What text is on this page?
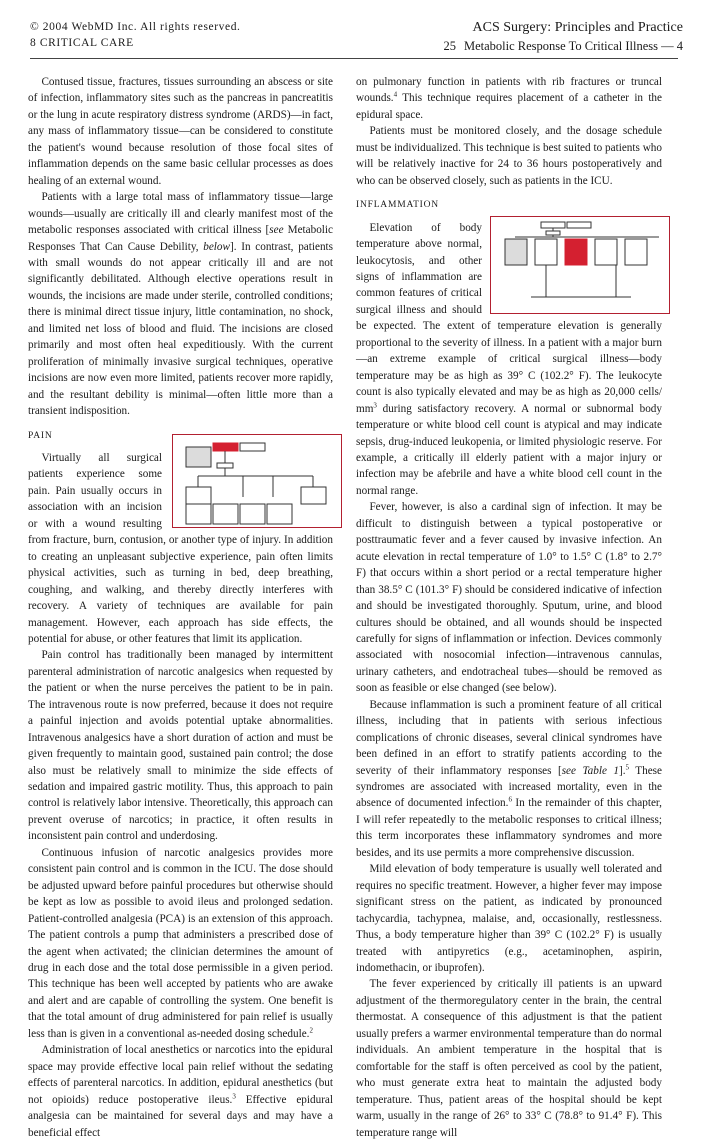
© 2004 WebMD Inc. All rights reserved.
8 CRITICAL CARE
ACS Surgery: Principles and Practice
25 Metabolic Response To Critical Illness — 4

Contused tissue, fractures, tissues surrounding an abscess or site of infection, inflammatory sites such as the pancreas in pancreatitis or the lung in acute respiratory distress syndrome (ARDS)—in fact, any mass of inflammatory tissue—can be considered to constitute the patient's wound because resolution of those focal sites of inflammation depends on the same basic cellular processes as does healing of an external wound.

Patients with a large total mass of inflammatory tissue—large wounds—usually are critically ill and clearly manifest most of the metabolic responses associated with critical illness [see Metabolic Responses That Can Cause Debility, below]. In contrast, patients with small wounds do not appear critically ill and are not significantly debilitated. Although elective operations result in wounds, the incisions are made under sterile, controlled conditions; there is minimal direct tissue injury, little contamination, no shock, and limited net loss of blood and fluid. The incisions are closed primarily and most often heal expeditiously. With the current proliferation of minimally invasive surgical techniques, operative incisions are now even more limited, patients recover more rapidly, and the resultant debility is minimal—often little more than a transient indisposition.

PAIN

Virtually all surgical patients experience some pain. Pain usually occurs in association with an incision or with a wound resulting from fracture, burn, contusion, or another type of injury. In addition to creating an unpleasant subjective experience, pain often limits physical activities, such as turning in bed, deep breathing, coughing, and walking, and thereby directly interferes with recovery. A variety of techniques are available for pain management. However, each approach has side effects, the potential for abuse, or other features that limit its application.

Pain control has traditionally been managed by intermittent parenteral administration of narcotic analgesics when requested by the patient or when the nurse perceives the patient to be in pain. The intravenous route is now preferred, because it does not require a painful injection and avoids potential uptake abnormalities. Intravenous analgesics have a short duration of action and must be given frequently to maintain good, sustained pain control; the dose also must be relatively small to minimize the side effects of sedation and impaired gastric motility. Thus, this approach to pain control is relatively labor intensive. Theoretically, this approach can prevent overuse of narcotics; in practice, it often results in inconsistent pain control and underdosing.

Continuous infusion of narcotic analgesics provides more consistent pain control and is common in the ICU. The dose should be adjusted upward before painful procedures but otherwise should be kept as low as possible to avoid ileus and prolonged sedation. Patient-controlled analgesia (PCA) is an extension of this approach. The patient controls a pump that administers a prescribed dose of the agent when activated; the clinician determines the amount of drug in each dose and the total dose permissible in a given period. This technique has been well accepted by patients who are awake and alert and are capable of controlling the system. One benefit is that the total amount of drug administered for pain relief is usually less than is given in a conventional as-needed dosing schedule.$^2$

Administration of local anesthetics or narcotics into the epidural space may provide effective local pain relief without the sedating effects of parenteral narcotics. In addition, epidural anesthetics (but not opioids) reduce postoperative ileus.$^3$ Effective epidural analgesia can be maintained for several days and may have a beneficial effect

on pulmonary function in patients with rib fractures or truncal wounds.$^4$ This technique requires placement of a catheter in the epidural space.

Patients must be monitored closely, and the dosage schedule must be individualized. This technique is best suited to patients who will be relatively inactive for 24 to 36 hours postoperatively and who can be observed closely, such as patients in the ICU.

INFLAMMATION

Elevation of body temperature above normal, leukocytosis, and other signs of inflammation are common features of critical surgical illness and should be expected. The extent of temperature elevation is generally proportional to the severity of illness. In a patient with a major burn—an extreme example of critical surgical illness—body temperature may be as high as 39° C (102.2° F). The leukocyte count is also typically elevated and may be as high as 20,000 cells/ $mm^3$ during satisfactory recovery. A normal or subnormal body temperature or white blood cell count is atypical and may indicate sepsis, drug-induced leukopenia, or limited physiologic reserve. For example, a critically ill elderly patient with a major injury or infection may be afebrile and have a white blood cell count in the normal range.

Fever, however, is also a cardinal sign of infection. It may be difficult to distinguish between a typical postoperative or posttraumatic fever and a fever caused by invasive infection. An acute elevation in rectal temperature of 1.0° to 1.5° C (1.8° to 2.7° F) that occurs within a short period or a rectal temperature higher than 38.5° C (101.3° F) should be considered indicative of infection and should be investigated thoroughly. Sputum, urine, and blood cultures should be obtained, and all wounds should be inspected carefully for signs of inflammation or infection. Devices commonly associated with nosocomial infection—intravenous cannulas, urinary catheters, and endotracheal tubes—should be removed as soon as feasible or else changed (see below).

Because inflammation is such a prominent feature of all critical illness, including that in patients with serious infectious complications of chronic diseases, several clinical syndromes have been defined in an effort to stratify patients according to the severity of their inflammatory responses [see Table 1].$^5$ These syndromes are associated with increased mortality, even in the absence of documented infection.$^6$ In the remainder of this chapter, I will refer repeatedly to the metabolic responses to critical illness; this term incorporates these inflammatory syndromes and more besides, and its use permits a more comprehensive discussion.

Mild elevation of body temperature is usually well tolerated and requires no specific treatment. However, a higher fever may impose significant stress on the patient, as indicated by pronounced tachycardia, tachypnea, malaise, and, occasionally, restlessness. Thus, a body temperature higher than 39° C (102.2° F) is usually treated with antipyretics (e.g., acetaminophen, aspirin, indomethacin, or ibuprofen).

The fever experienced by critically ill patients is an upward adjustment of the thermoregulatory center in the brain, the central thermostat. A consequence of this adjustment is that the patient usually prefers a warmer environmental temperature than do normal individuals. An ambient temperature in the hospital that is comfortable for the staff is often perceived as cool by the patient, who must generate extra heat to maintain the adjusted body temperature. Thus, patient areas of the hospital should be kept warm, usually in the range of 26° to 33° C (78.8° to 91.4° F). This temperature range will
